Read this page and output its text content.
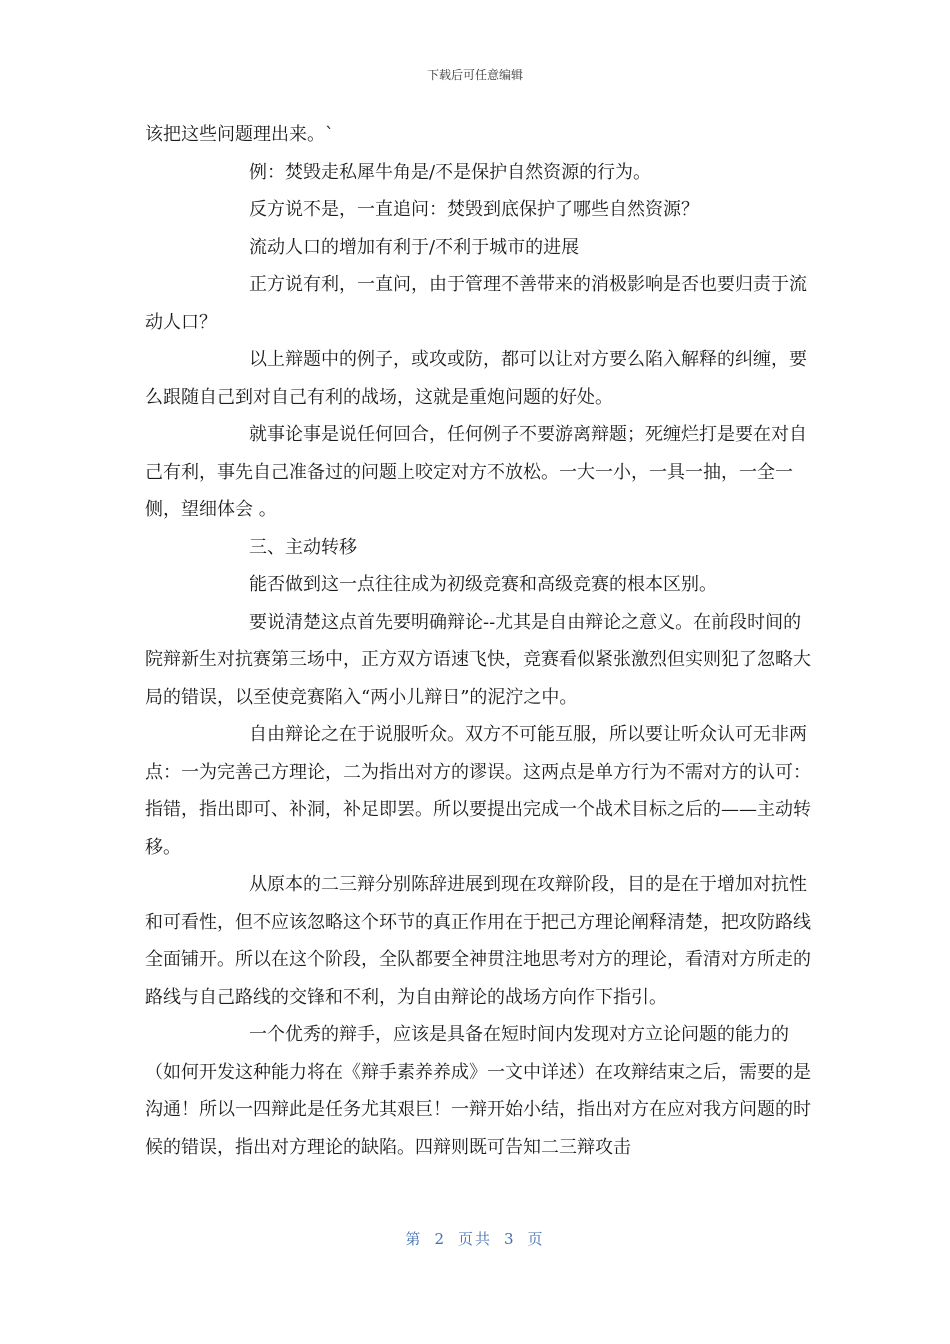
下载后可任意编辑

该把这些问题理出来。`

例：焚毁走私犀牛角是/不是保护自然资源的行为。

反方说不是，一直追问：焚毁到底保护了哪些自然资源？

流动人口的增加有利于/不利于城市的进展

正方说有利，一直问，由于管理不善带来的消极影响是否也要归责于流动人口？

以上辩题中的例子，或攻或防，都可以让对方要么陷入解释的纠缠，要么跟随自己到对自己有利的战场，这就是重炮问题的好处。

就事论事是说任何回合，任何例子不要游离辩题；死缠烂打是要在对自己有利，事先自己准备过的问题上咬定对方不放松。一大一小，一具一抽，一全一侧，望细体会 。

三、主动转移

能否做到这一点往往成为初级竞赛和高级竞赛的根本区别。

要说清楚这点首先要明确辩论--尤其是自由辩论之意义。在前段时间的院辩新生对抗赛第三场中，正方双方语速飞快，竞赛看似紧张激烈但实则犯了忽略大局的错误，以至使竞赛陷入“两小儿辩日”的泥泞之中。

自由辩论之在于说服听众。双方不可能互服，所以要让听众认可无非两点：一为完善己方理论，二为指出对方的谬误。这两点是单方行为不需对方的认可：指错，指出即可、补洞，补足即罢。所以要提出完成一个战术目标之后的——主动转移。

从原本的二三辩分别陈辞进展到现在攻辩阶段，目的是在于增加对抗性和可看性，但不应该忽略这个环节的真正作用在于把己方理论阐释清楚，把攻防路线全面铺开。所以在这个阶段，全队都要全神贯注地思考对方的理论，看清对方所走的路线与自己路线的交锋和不利，为自由辩论的战场方向作下指引。

一个优秀的辩手，应该是具备在短时间内发现对方立论问题的能力的（如何开发这种能力将在《辩手素养养成》一文中详述）在攻辩结束之后，需要的是沟通！所以一四辩此是任务尤其艰巨！一辩开始小结，指出对方在应对我方问题的时候的错误，指出对方理论的缺陷。四辩则既可告知二三辩攻击

第 2 页共 3 页
